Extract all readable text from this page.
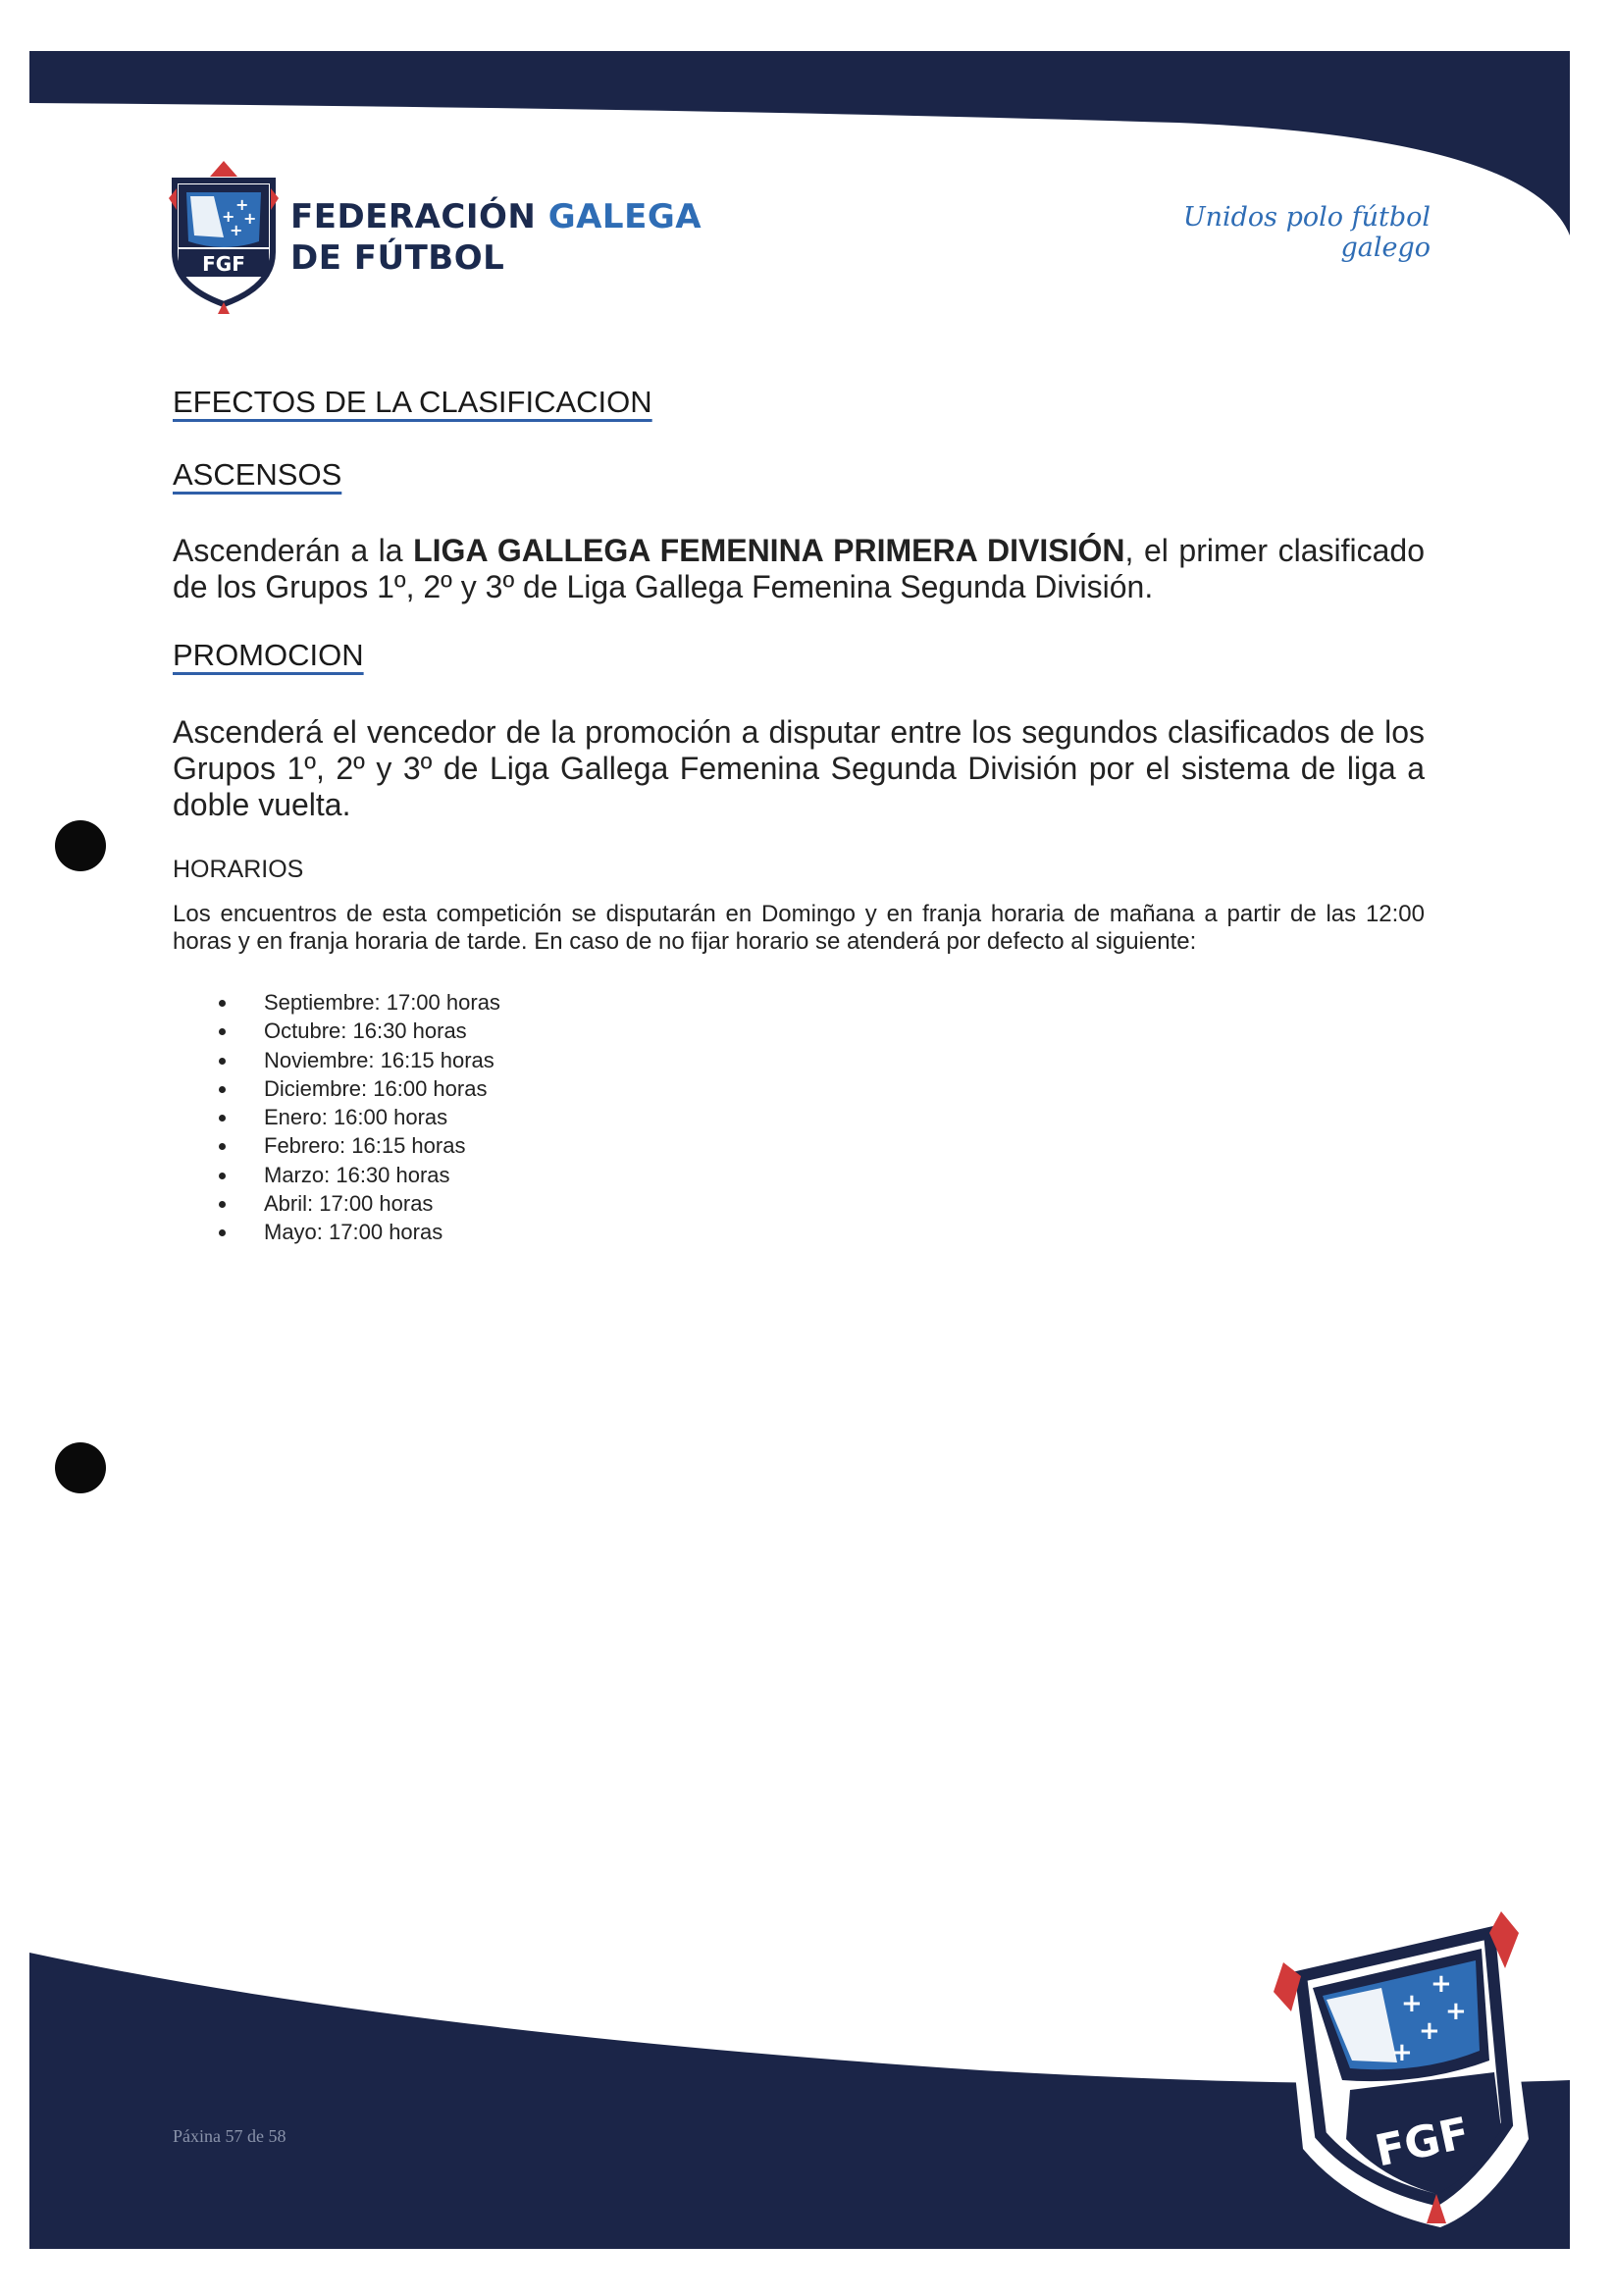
+
+ +
+
FGF
FEDERACIÓN GALEGA
DE FÚTBOL
Unidos polo fútbol galego
EFECTOS DE LA CLASIFICACION
ASCENSOS
Ascenderán a la LIGA GALLEGA FEMENINA PRIMERA DIVISIÓN, el primer clasificado de los Grupos 1º, 2º y 3º de Liga Gallega Femenina Segunda División.
PROMOCION
Ascenderá el vencedor de la promoción a disputar entre los segundos clasificados de los Grupos 1º, 2º y 3º de Liga Gallega Femenina Segunda División por el sistema de liga a doble vuelta.
HORARIOS
Los encuentros de esta competición se disputarán en Domingo y en franja horaria de mañana a partir de las 12:00 horas y en franja horaria de tarde. En caso de no fijar horario se atenderá por defecto al siguiente:
Septiembre: 17:00 horas
Octubre: 16:30 horas
Noviembre: 16:15 horas
Diciembre: 16:00 horas
Enero: 16:00 horas
Febrero: 16:15 horas
Marzo: 16:30 horas
Abril: 17:00 horas
Mayo: 17:00 horas
Páxina 57 de 58
+
+ +
+
+
FGF
